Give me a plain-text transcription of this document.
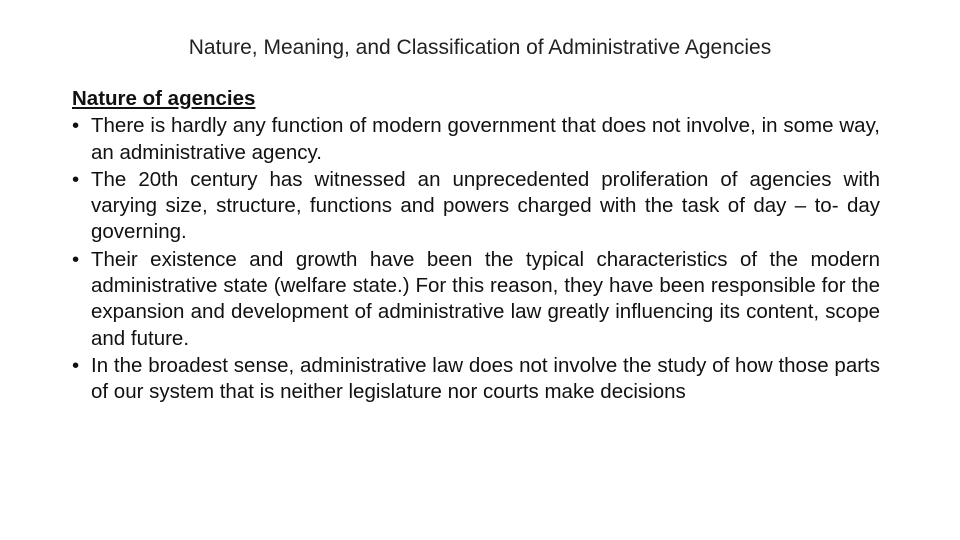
Nature, Meaning, and Classification of Administrative Agencies
Nature of agencies
• There is hardly any function of modern government that does not involve, in some way, an administrative agency.
• The 20th century has witnessed an unprecedented proliferation of agencies with varying size, structure, functions and powers charged with the task of day – to- day governing.
• Their existence and growth have been the typical characteristics of the modern administrative state (welfare state.) For this reason, they have been responsible for the expansion and development of administrative law greatly influencing its content, scope and future.
• In the broadest sense, administrative law does not involve the study of how those parts of our system that is neither legislature nor courts make decisions
